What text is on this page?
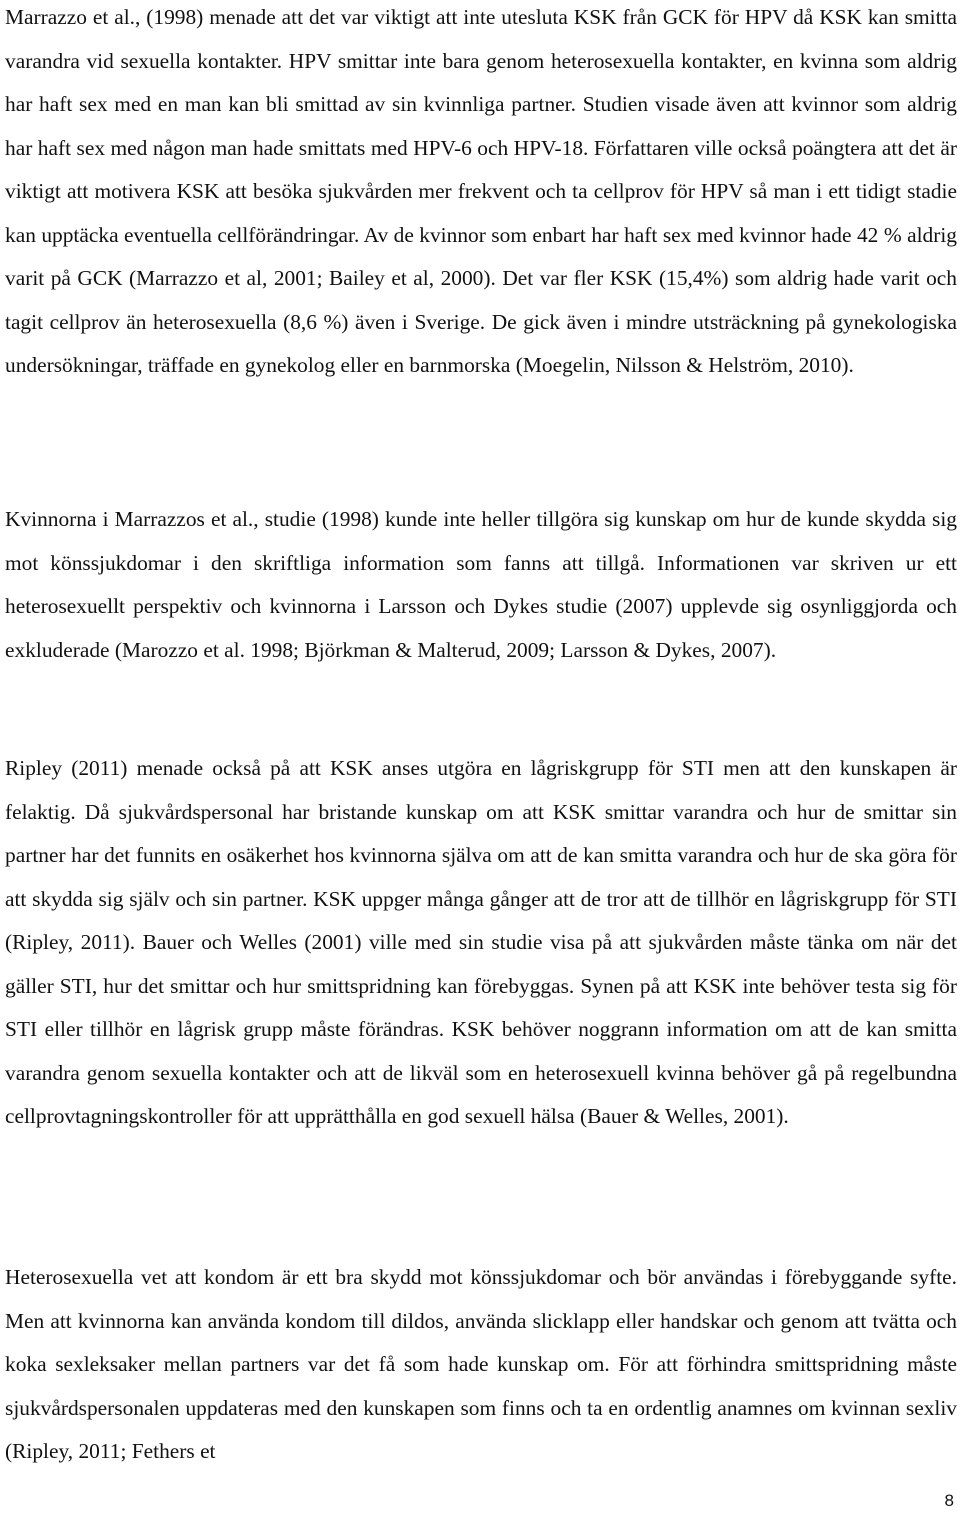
Marrazzo et al., (1998) menade att det var viktigt att inte utesluta KSK från GCK för HPV då KSK kan smitta varandra vid sexuella kontakter. HPV smittar inte bara genom heterosexuella kontakter, en kvinna som aldrig har haft sex med en man kan bli smittad av sin kvinnliga partner. Studien visade även att kvinnor som aldrig har haft sex med någon man hade smittats med HPV-6 och HPV-18. Författaren ville också poängtera att det är viktigt att motivera KSK att besöka sjukvården mer frekvent och ta cellprov för HPV så man i ett tidigt stadie kan upptäcka eventuella cellförändringar. Av de kvinnor som enbart har haft sex med kvinnor hade 42 % aldrig varit på GCK (Marrazzo et al, 2001; Bailey et al, 2000). Det var fler KSK (15,4%) som aldrig hade varit och tagit cellprov än heterosexuella (8,6 %) även i Sverige. De gick även i mindre utsträckning på gynekologiska undersökningar, träffade en gynekolog eller en barnmorska (Moegelin, Nilsson & Helström, 2010).

Kvinnorna i Marrazzos et al., studie (1998) kunde inte heller tillgöra sig kunskap om hur de kunde skydda sig mot könssjukdomar i den skriftliga information som fanns att tillgå. Informationen var skriven ur ett heterosexuellt perspektiv och kvinnorna i Larsson och Dykes studie (2007) upplevde sig osynliggjorda och exkluderade (Marozzo et al. 1998; Björkman & Malterud, 2009; Larsson & Dykes, 2007).

Ripley (2011) menade också på att KSK anses utgöra en lågriskgrupp för STI men att den kunskapen är felaktig. Då sjukvårdspersonal har bristande kunskap om att KSK smittar varandra och hur de smittar sin partner har det funnits en osäkerhet hos kvinnorna själva om att de kan smitta varandra och hur de ska göra för att skydda sig själv och sin partner. KSK uppger många gånger att de tror att de tillhör en lågriskgrupp för STI (Ripley, 2011). Bauer och Welles (2001) ville med sin studie visa på att sjukvården måste tänka om när det gäller STI, hur det smittar och hur smittspridning kan förebyggas. Synen på att KSK inte behöver testa sig för STI eller tillhör en lågrisk grupp måste förändras. KSK behöver noggrann information om att de kan smitta varandra genom sexuella kontakter och att de likväl som en heterosexuell kvinna behöver gå på regelbundna cellprovtagningskontroller för att upprätthålla en god sexuell hälsa (Bauer & Welles, 2001).

Heterosexuella vet att kondom är ett bra skydd mot könssjukdomar och bör användas i förebyggande syfte. Men att kvinnorna kan använda kondom till dildos, använda slicklapp eller handskar och genom att tvätta och koka sexleksaker mellan partners var det få som hade kunskap om. För att förhindra smittspridning måste sjukvårdspersonalen uppdateras med den kunskapen som finns och ta en ordentlig anamnes om kvinnan sexliv (Ripley, 2011; Fethers et

8
